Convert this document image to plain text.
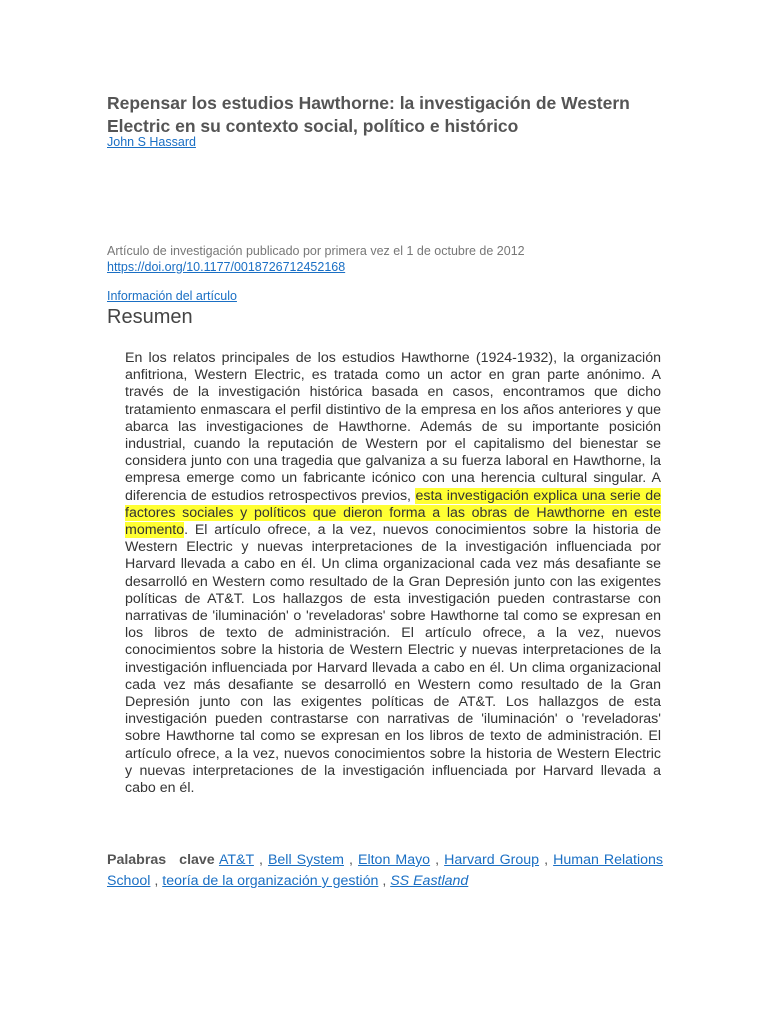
Repensar los estudios Hawthorne: la investigación de Western Electric en su contexto social, político e histórico
John S Hassard
Artículo de investigación publicado por primera vez el 1 de octubre de 2012
https://doi.org/10.1177/0018726712452168
Información del artículo
Resumen

En los relatos principales de los estudios Hawthorne (1924-1932), la organización anfitriona, Western Electric, es tratada como un actor en gran parte anónimo. A través de la investigación histórica basada en casos, encontramos que dicho tratamiento enmascara el perfil distintivo de la empresa en los años anteriores y que abarca las investigaciones de Hawthorne. Además de su importante posición industrial, cuando la reputación de Western por el capitalismo del bienestar se considera junto con una tragedia que galvaniza a su fuerza laboral en Hawthorne, la empresa emerge como un fabricante icónico con una herencia cultural singular. A diferencia de estudios retrospectivos previos, esta investigación explica una serie de factores sociales y políticos que dieron forma a las obras de Hawthorne en este momento. El artículo ofrece, a la vez, nuevos conocimientos sobre la historia de Western Electric y nuevas interpretaciones de la investigación influenciada por Harvard llevada a cabo en él. Un clima organizacional cada vez más desafiante se desarrolló en Western como resultado de la Gran Depresión junto con las exigentes políticas de AT&T. Los hallazgos de esta investigación pueden contrastarse con narrativas de 'iluminación' o 'reveladoras' sobre Hawthorne tal como se expresan en los libros de texto de administración. El artículo ofrece, a la vez, nuevos conocimientos sobre la historia de Western Electric y nuevas interpretaciones de la investigación influenciada por Harvard llevada a cabo en él. Un clima organizacional cada vez más desafiante se desarrolló en Western como resultado de la Gran Depresión junto con las exigentes políticas de AT&T. Los hallazgos de esta investigación pueden contrastarse con narrativas de 'iluminación' o 'reveladoras' sobre Hawthorne tal como se expresan en los libros de texto de administración. El artículo ofrece, a la vez, nuevos conocimientos sobre la historia de Western Electric y nuevas interpretaciones de la investigación influenciada por Harvard llevada a cabo en él.

Palabras clave AT&T , Bell System , Elton Mayo , Harvard Group , Human Relations School , teoría de la organización y gestión , SS Eastland
